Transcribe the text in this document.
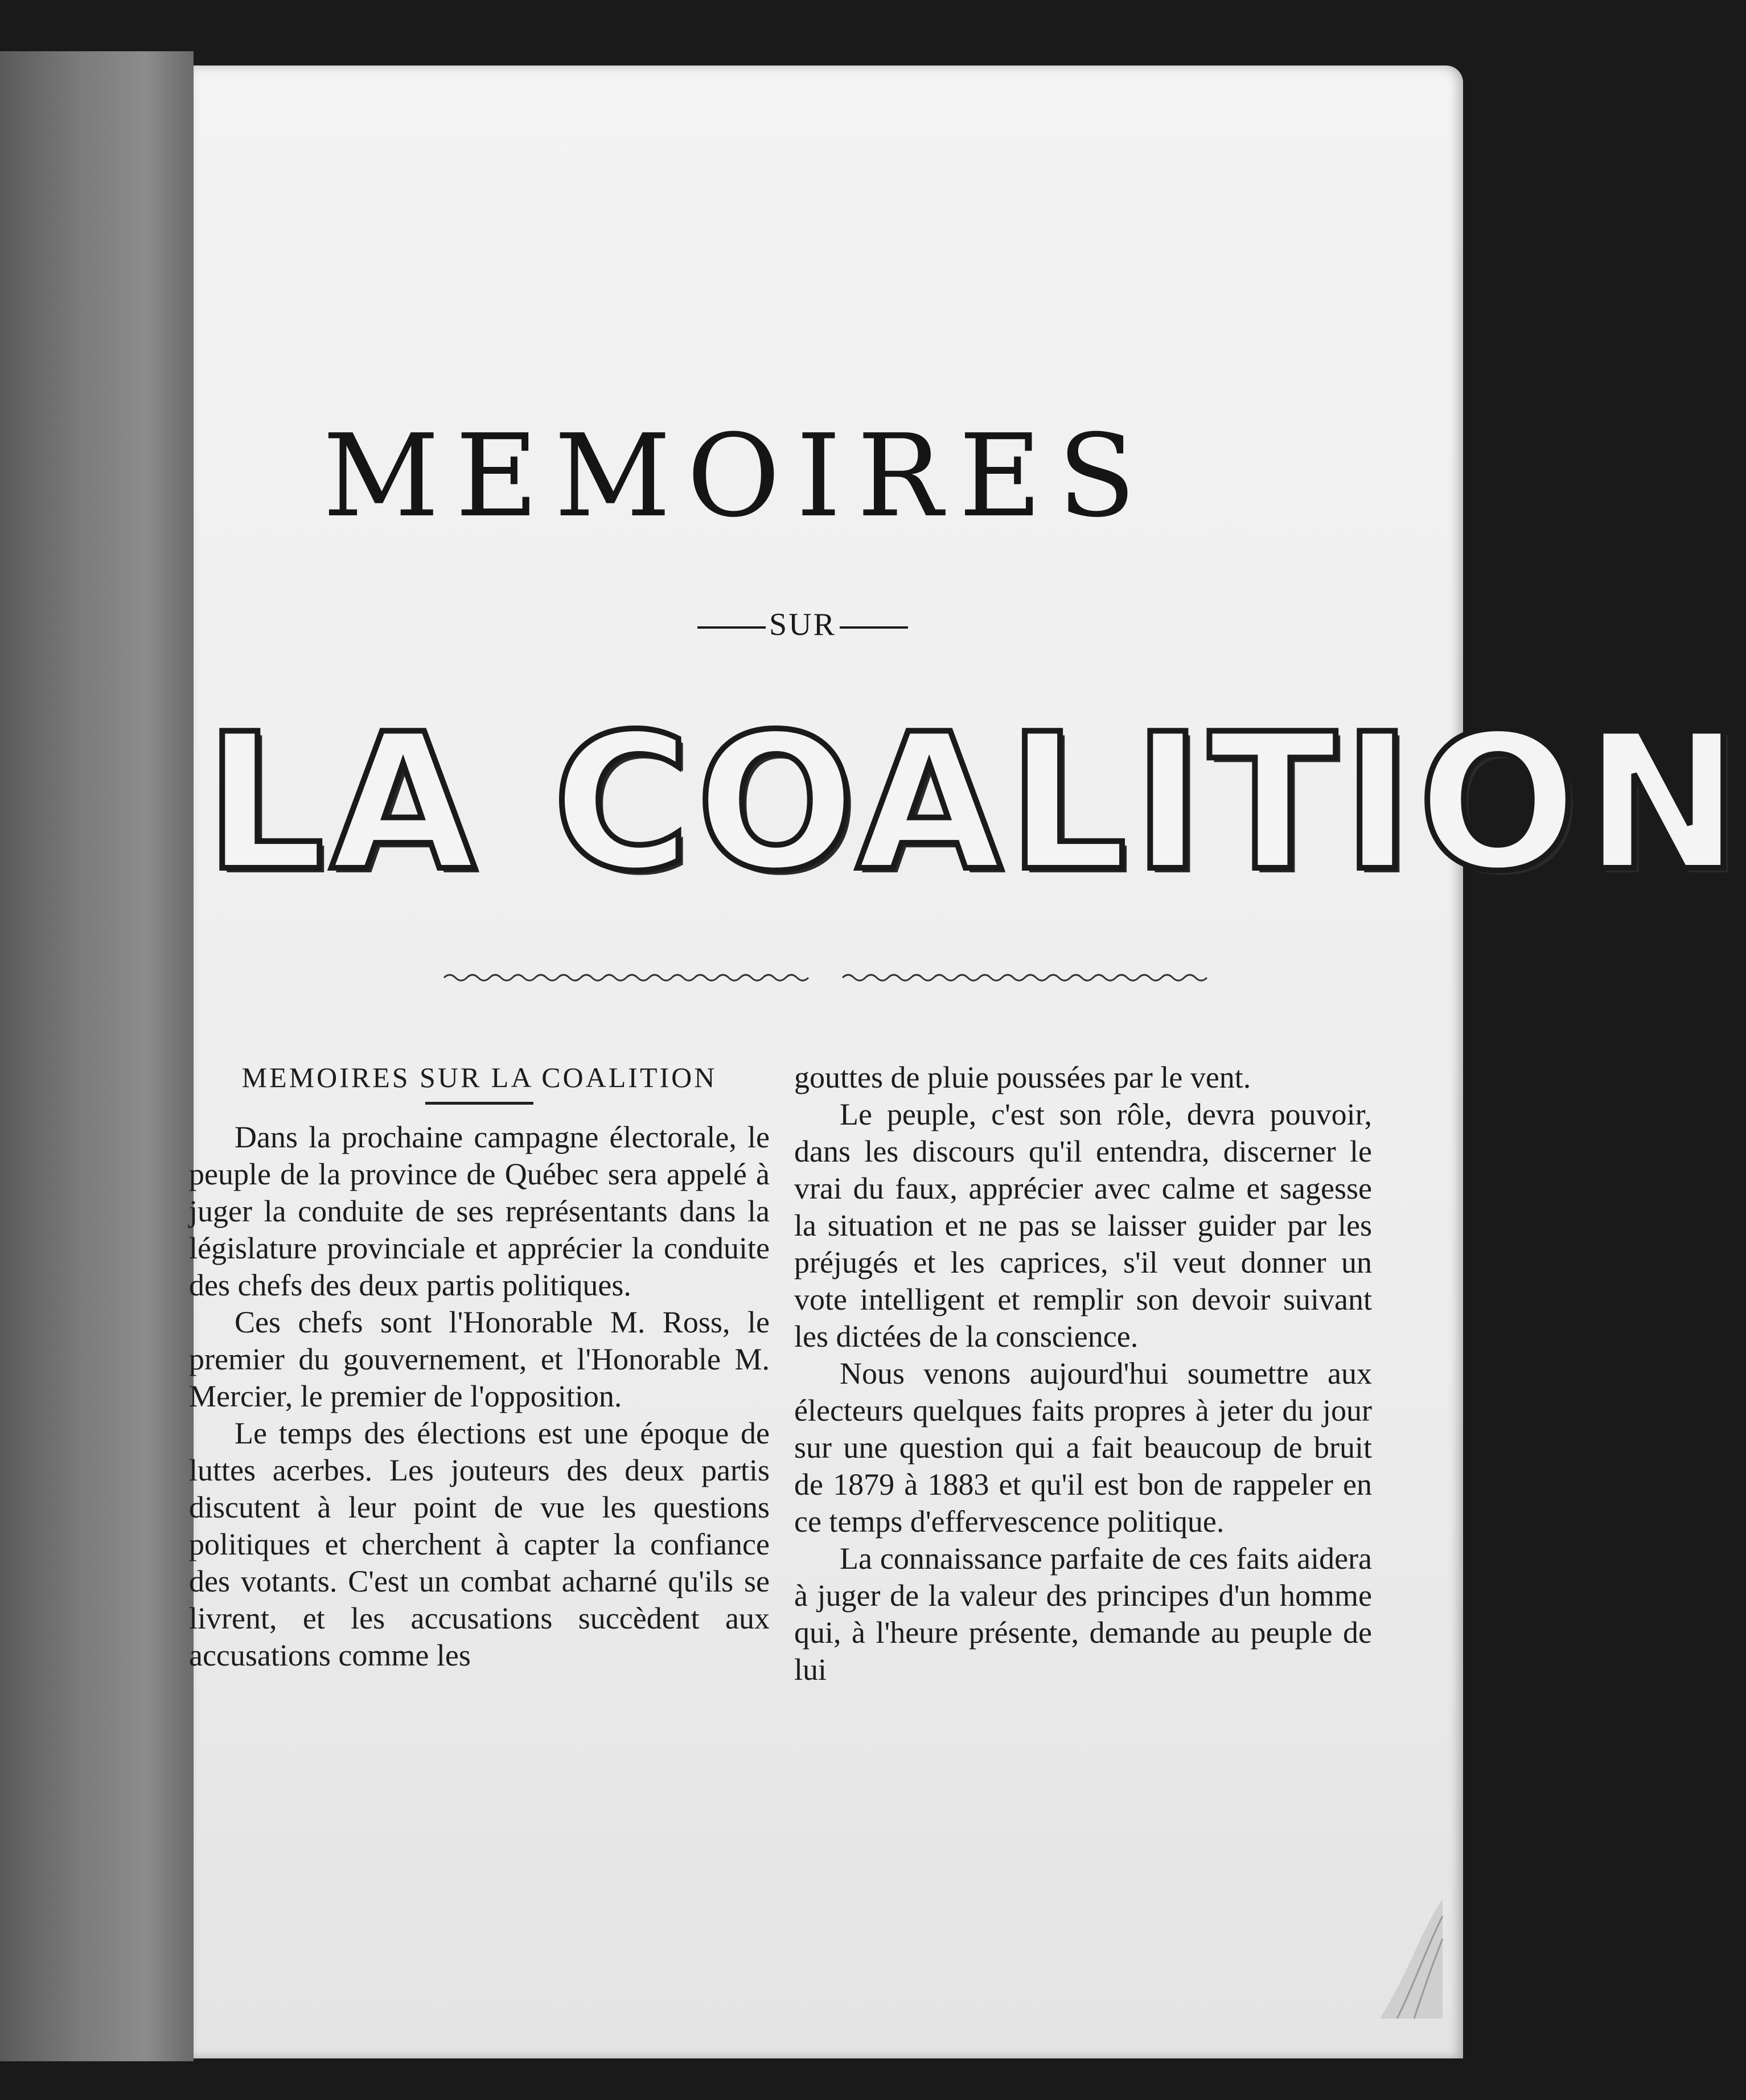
MEMOIRES
SUR
LA COALITION
MEMOIRES SUR LA COALITION

Dans la prochaine campagne électorale, le peuple de la province de Québec sera appelé à juger la conduite de ses représentants dans la législature provinciale et apprécier la conduite des chefs des deux partis politiques.

Ces chefs sont l'Honorable M. Ross, le premier du gouvernement, et l'Honorable M. Mercier, le premier de l'opposition.

Le temps des élections est une époque de luttes acerbes. Les jouteurs des deux partis discutent à leur point de vue les questions politiques et cherchent à capter la confiance des votants. C'est un combat acharné qu'ils se livrent, et les accusations succèdent aux accusations comme les

gouttes de pluie poussées par le vent.

Le peuple, c'est son rôle, devra pouvoir, dans les discours qu'il entendra, discerner le vrai du faux, apprécier avec calme et sagesse la situation et ne pas se laisser guider par les préjugés et les caprices, s'il veut donner un vote intelligent et remplir son devoir suivant les dictées de la conscience.

Nous venons aujourd'hui soumettre aux électeurs quelques faits propres à jeter du jour sur une question qui a fait beaucoup de bruit de 1879 à 1883 et qu'il est bon de rappeler en ce temps d'effervescence politique.

La connaissance parfaite de ces faits aidera à juger de la valeur des principes d'un homme qui, à l'heure présente, demande au peuple de lui
